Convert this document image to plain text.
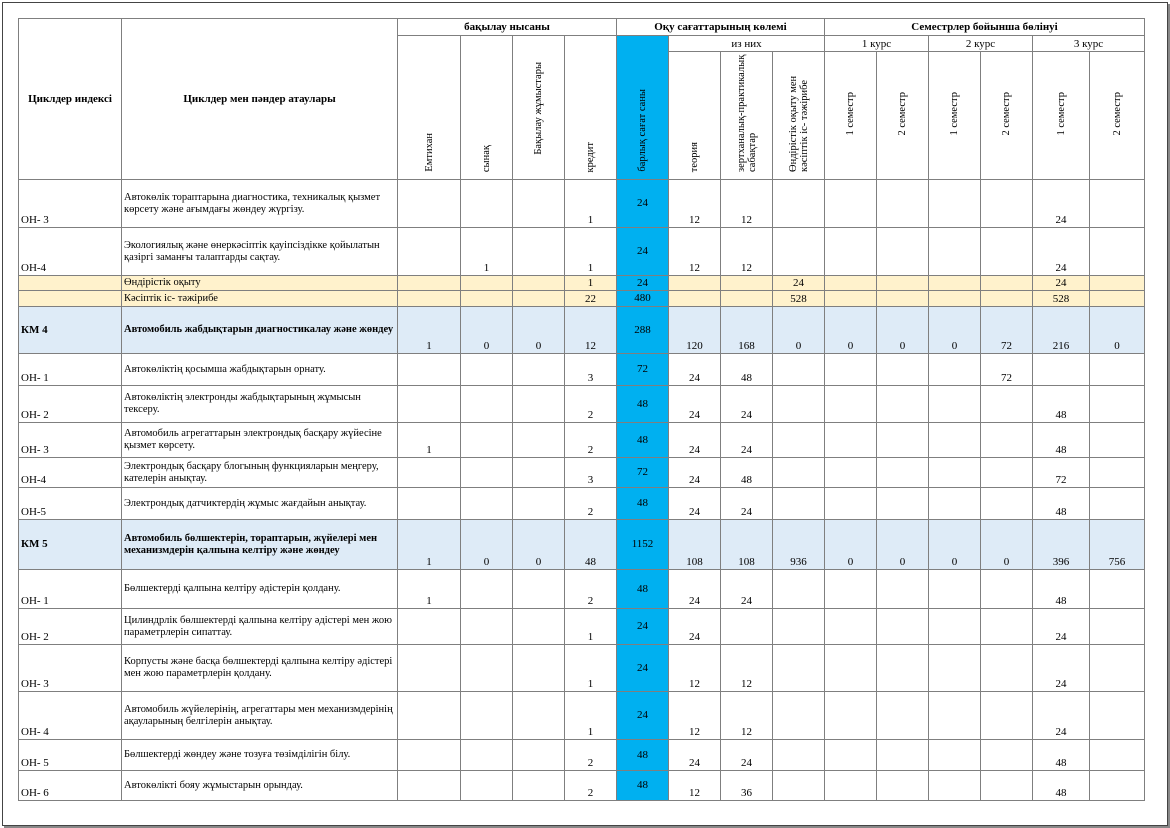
Циклдер индексі	Циклдер мен пәндер атаулары	бақылау нысаны				Оқу сағаттарының көлемі				Семестрлер бойынша бөлінуі					
		Емтихан	сынақ	Бақылау жұмыстары	кредит	барлық сағат саны	из них			1 курс		2 курс		3 курс	
							теория	зертханалық-практикалық сабақтар	Өндірістік оқыту мен кәсіптік іс- тәжірибе	1 семестр	2 семестр	1 семестр	2 семестр	1 семестр	2 семестр

ОН- 3	Автокөлік тораптарына диагностика, техникалық қызмет көрсету және ағымдағы жөндеу жүргізу.				1	24	12	12						24	
ОН-4	Экологиялық және өнеркәсіптік қауіпсіздікке қойылатын қазіргі заманғы талаптарды сақтау.		1		1	24	12	12						24	
	Өндірістік оқыту				1	24			24					24	
	Кәсіптік іс- тәжірибе				22	480			528					528	
КМ 4	Автомобиль жабдықтарын диагностикалау және жөндеу	1	0	0	12	288	120	168	0	0	0	0	72	216	0
ОН- 1	Автокөліктің қосымша жабдықтарын орнату.				3	72	24	48					72		
ОН- 2	Автокөліктің электронды жабдықтарының жұмысын тексеру.				2	48	24	24						48	
ОН- 3	Автомобиль агрегаттарын электрондық басқару жүйесіне қызмет көрсету.	1			2	48	24	24						48	
ОН-4	Электрондық басқару блогының функцияларын меңгеру, кателерін анықтау.				3	72	24	48						72	
ОН-5	Электрондық датчиктердің жұмыс жағдайын анықтау.				2	48	24	24						48	
КМ 5	Автомобиль бөлшектерін, тораптарын, жүйелері мен механизмдерін қалпына келтіру және жөндеу	1	0	0	48	1152	108	108	936	0	0	0	0	396	756
ОН- 1	Бөлшектерді қалпына келтіру әдістерін қолдану.	1			2	48	24	24						48	
ОН- 2	Цилиндрлік бөлшектерді қалпына келтіру әдістері мен жою параметрлерін сипаттау.				1	24	24							24	
ОН- 3	Корпусты және басқа бөлшектерді қалпына келтіру әдістері мен жою параметрлерін қолдану.				1	24	12	12						24	
ОН- 4	Автомобиль жүйелерінің, агрегаттары мен механизмдерінің ақауларының белгілерін анықтау.				1	24	12	12						24	
ОН- 5	Бөлшектерді жөндеу және тозуға төзімділігін білу.				2	48	24	24						48	
ОН- 6	Автокөлікті бояу жұмыстарын орындау.				2	48	12	36						48	
